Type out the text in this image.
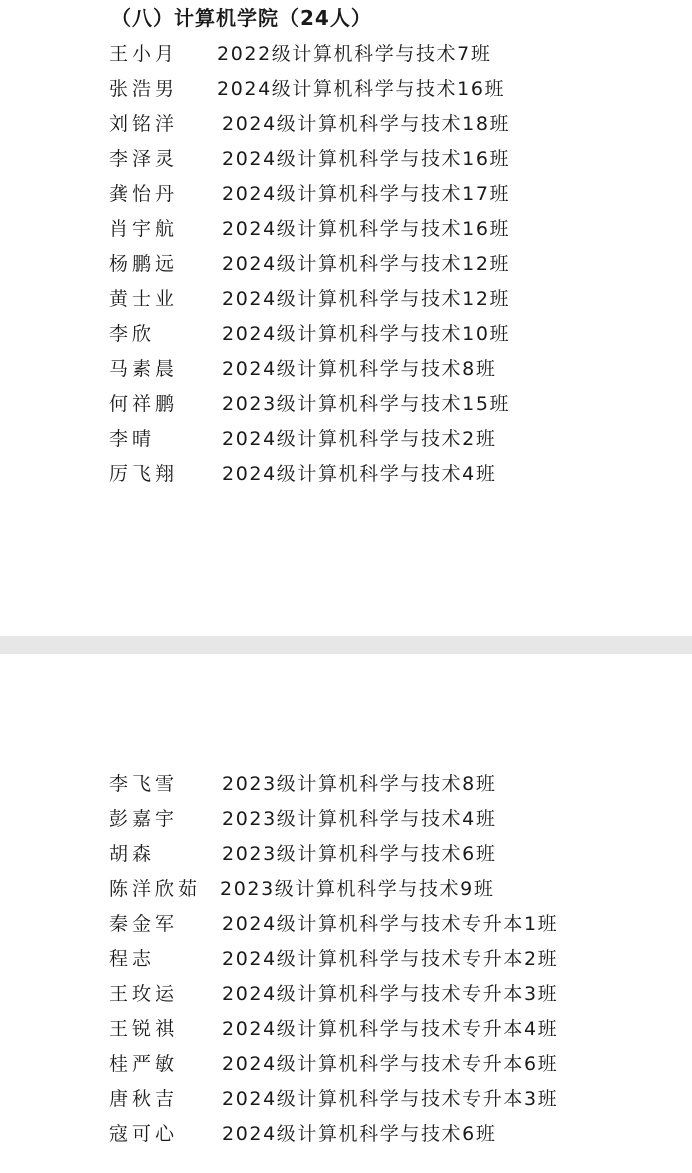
（八）计算机学院（24人）
王小月 2022级计算机科学与技术7班
张浩男 2024级计算机科学与技术16班
刘铭洋 2024级计算机科学与技术18班
李泽灵 2024级计算机科学与技术16班
龚怡丹 2024级计算机科学与技术17班
肖宇航 2024级计算机科学与技术16班
杨鹏远 2024级计算机科学与技术12班
黄士业 2024级计算机科学与技术12班
李欣	2024级计算机科学与技术10班
马素晨 2024级计算机科学与技术8班
何祥鹏 2023级计算机科学与技术15班
李晴	2024级计算机科学与技术2班
厉飞翔 2024级计算机科学与技术4班
李飞雪 2023级计算机科学与技术8班
彭嘉宇 2023级计算机科学与技术4班
胡森	2023级计算机科学与技术6班
陈洋欣茹 2023级计算机科学与技术9班
秦金军 2024级计算机科学与技术专升本1班
程志	2024级计算机科学与技术专升本2班
王玫运 2024级计算机科学与技术专升本3班
王锐祺 2024级计算机科学与技术专升本4班
桂严敏 2024级计算机科学与技术专升本6班
唐秋吉 2024级计算机科学与技术专升本3班
寇可心 2024级计算机科学与技术6班
